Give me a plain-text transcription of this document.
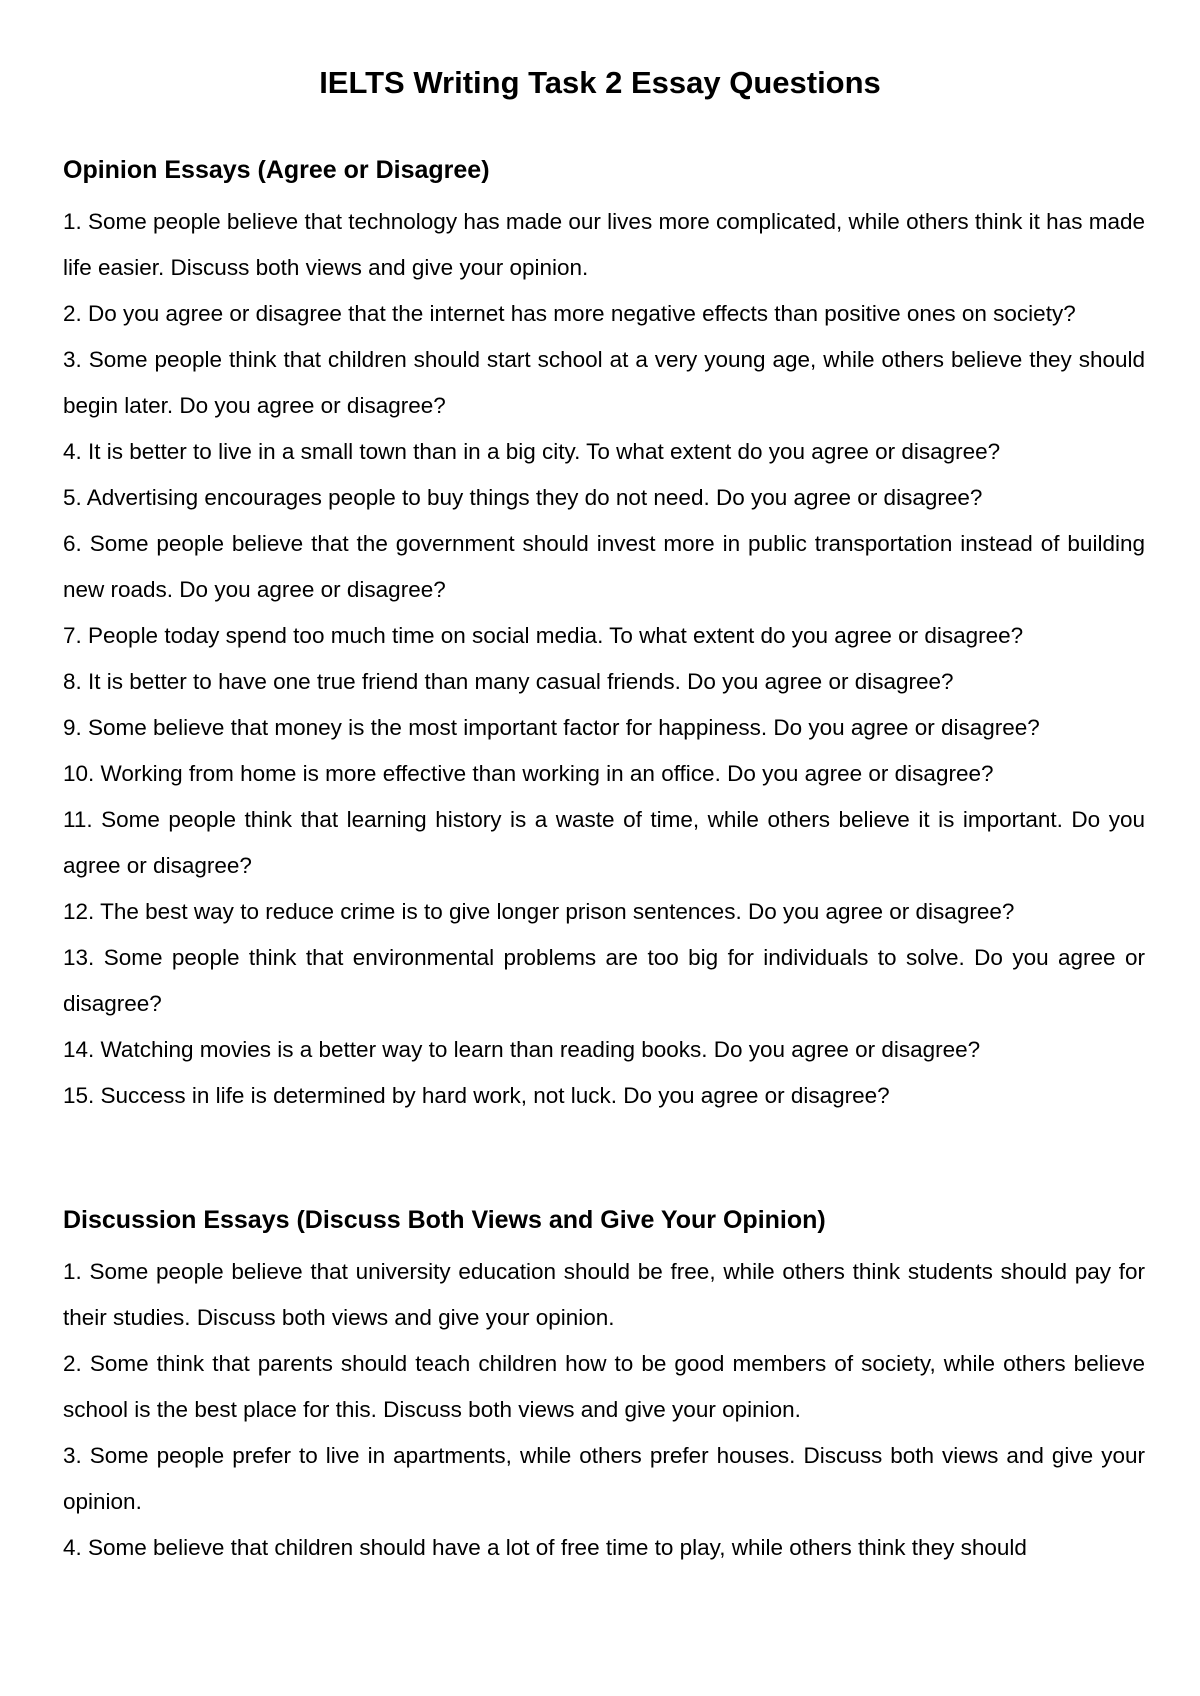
IELTS Writing Task 2 Essay Questions
Opinion Essays (Agree or Disagree)
1. Some people believe that technology has made our lives more complicated, while others think it has made life easier. Discuss both views and give your opinion.
2. Do you agree or disagree that the internet has more negative effects than positive ones on society?
3. Some people think that children should start school at a very young age, while others believe they should begin later. Do you agree or disagree?
4. It is better to live in a small town than in a big city. To what extent do you agree or disagree?
5. Advertising encourages people to buy things they do not need. Do you agree or disagree?
6. Some people believe that the government should invest more in public transportation instead of building new roads. Do you agree or disagree?
7. People today spend too much time on social media. To what extent do you agree or disagree?
8. It is better to have one true friend than many casual friends. Do you agree or disagree?
9. Some believe that money is the most important factor for happiness. Do you agree or disagree?
10. Working from home is more effective than working in an office. Do you agree or disagree?
11. Some people think that learning history is a waste of time, while others believe it is important. Do you agree or disagree?
12. The best way to reduce crime is to give longer prison sentences. Do you agree or disagree?
13. Some people think that environmental problems are too big for individuals to solve. Do you agree or disagree?
14. Watching movies is a better way to learn than reading books. Do you agree or disagree?
15. Success in life is determined by hard work, not luck. Do you agree or disagree?
Discussion Essays (Discuss Both Views and Give Your Opinion)
1. Some people believe that university education should be free, while others think students should pay for their studies. Discuss both views and give your opinion.
2. Some think that parents should teach children how to be good members of society, while others believe school is the best place for this. Discuss both views and give your opinion.
3. Some people prefer to live in apartments, while others prefer houses. Discuss both views and give your opinion.
4. Some believe that children should have a lot of free time to play, while others think they should
